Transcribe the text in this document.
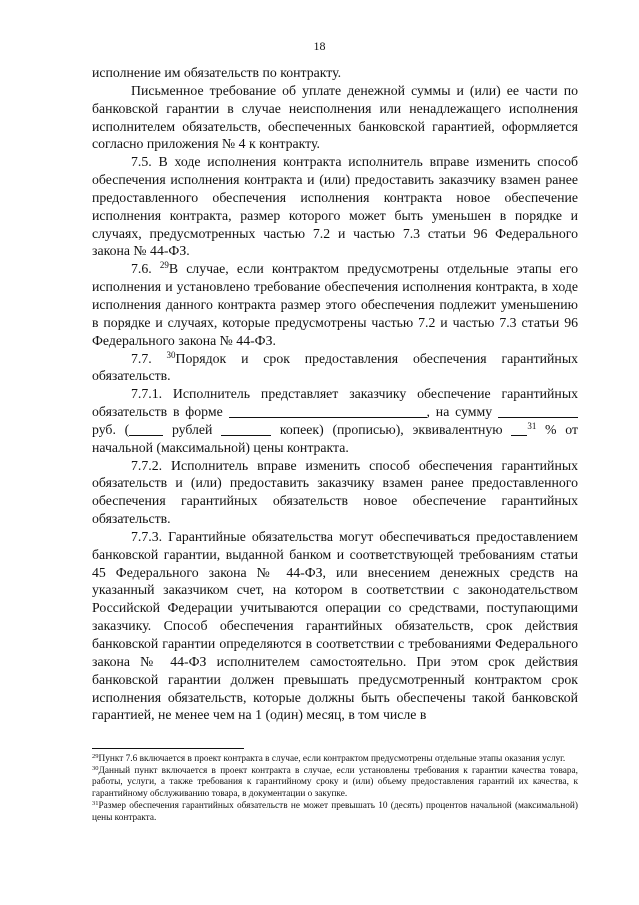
18

исполнение им обязательств по контракту.

Письменное требование об уплате денежной суммы и (или) ее части по банковской гарантии в случае неисполнения или ненадлежащего исполнения исполнителем обязательств, обеспеченных банковской гарантией, оформляется согласно приложения № 4 к контракту.

7.5. В ходе исполнения контракта исполнитель вправе изменить способ обеспечения исполнения контракта и (или) предоставить заказчику взамен ранее предоставленного обеспечения исполнения контракта новое обеспечение исполнения контракта, размер которого может быть уменьшен в порядке и случаях, предусмотренных частью 7.2 и частью 7.3 статьи 96 Федерального закона № 44-ФЗ.

7.6. $^{29}$В случае, если контрактом предусмотрены отдельные этапы его исполнения и установлено требование обеспечения исполнения контракта, в ходе исполнения данного контракта размер этого обеспечения подлежит уменьшению в порядке и случаях, которые предусмотрены частью 7.2 и частью 7.3 статьи 96 Федерального закона № 44-ФЗ.

7.7. $^{30}$Порядок и срок предоставления обеспечения гарантийных обязательств.

7.7.1. Исполнитель представляет заказчику обеспечение гарантийных обязательств в форме	, на сумму  руб. ( рублей	копеек) (прописью), эквивалентную $^{31}$ % от начальной (максимальной) цены контракта.

7.7.2. Исполнитель вправе изменить способ обеспечения гарантийных обязательств и (или) предоставить заказчику взамен ранее предоставленного обеспечения гарантийных обязательств новое обеспечение гарантийных обязательств.

7.7.3. Гарантийные обязательства могут обеспечиваться предоставлением банковской гарантии, выданной банком и соответствующей требованиям статьи 45 Федерального закона № 44-ФЗ, или внесением денежных средств на указанный заказчиком счет, на котором в соответствии с законодательством Российской Федерации учитываются операции со средствами, поступающими заказчику. Способ обеспечения гарантийных обязательств, срок действия банковской гарантии определяются в соответствии с требованиями Федерального закона № 44-ФЗ исполнителем самостоятельно. При этом срок действия банковской гарантии должен превышать предусмотренный контрактом срок исполнения обязательств, которые должны быть обеспечены такой банковской гарантией, не менее чем на 1 (один) месяц, в том числе в

$^{29}$Пункт 7.6 включается в проект контракта в случае, если контрактом предусмотрены отдельные этапы оказания услуг.

$^{30}$Данный пункт включается в проект контракта в случае, если установлены требования к гарантии качества товара, работы, услуги, а также требования к гарантийному сроку и (или) объему предоставления гарантий их качества, к гарантийному обслуживанию товара, в документации о закупке.

$^{31}$Размер обеспечения гарантийных обязательств не может превышать 10 (десять) процентов начальной (максимальной) цены контракта.
